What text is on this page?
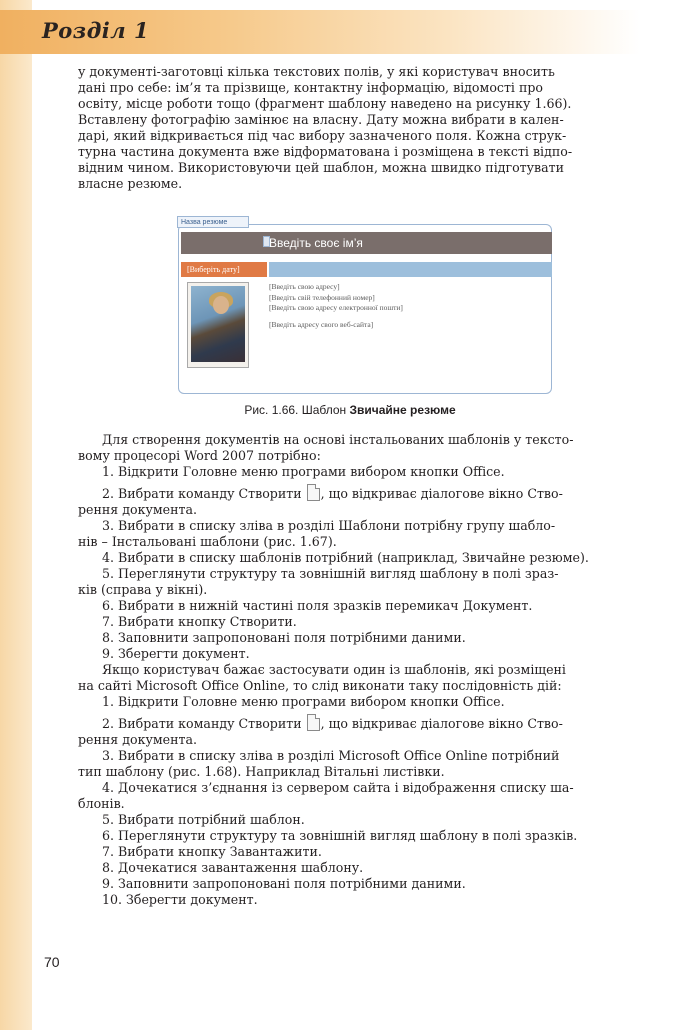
Розділ 1

у документі-заготовці кілька текстових полів, у які користувач вносить

дані про себе: ім’я та прізвище, контактну інформацію, відомості про

освіту, місце роботи тощо (фрагмент шаблону наведено на рисунку 1.66).

Вставлену фотографію замінює на власну. Дату можна вибрати в кален-

дарі, який відкривається під час вибору зазначеного поля. Кожна струк-

турна частина документа вже відформатована і розміщена в тексті відпо-

відним чином. Використовуючи цей шаблон, можна швидко підготувати

власне резюме.

Назва резюме
Введіть своє ім’я
[Виберіть дату]
[Введіть свою адресу]
[Введіть свій телефонний номер]
[Введіть свою адресу електронної пошти]
[Введіть адресу свого веб-сайта]
Рис. 1.66. Шаблон Звичайне резюме

Для створення документів на основі інстальованих шаблонів у тексто-

вому процесорі Word 2007 потрібно:

1. Відкрити Головне меню програми вибором кнопки Office.

2. Вибрати команду Створити , що відкриває діалогове вікно Ство-

рення документа.

3. Вибрати в списку зліва в розділі Шаблони потрібну групу шабло-

нів – Інстальовані шаблони (рис. 1.67).

4. Вибрати в списку шаблонів потрібний (наприклад, Звичайне резюме).

5. Переглянути структуру та зовнішній вигляд шаблону в полі зраз-

ків (справа у вікні).

6. Вибрати в нижній частині поля зразків перемикач Документ.

7. Вибрати кнопку Створити.

8. Заповнити запропоновані поля потрібними даними.

9. Зберегти документ.

Якщо користувач бажає застосувати один із шаблонів, які розміщені

на сайті Microsoft Office Online, то слід виконати таку послідовність дій:

1. Відкрити Головне меню програми вибором кнопки Office.

2. Вибрати команду Створити , що відкриває діалогове вікно Ство-

рення документа.

3. Вибрати в списку зліва в розділі Microsoft Office Online потрібний

тип шаблону (рис. 1.68). Наприклад Вітальні листівки.

4. Дочекатися з’єднання із сервером сайта і відображення списку ша-

блонів.

5. Вибрати потрібний шаблон.

6. Переглянути структуру та зовнішній вигляд шаблону в полі зразків.

7. Вибрати кнопку Завантажити.

8. Дочекатися завантаження шаблону.

9. Заповнити запропоновані поля потрібними даними.

10. Зберегти документ.

70
